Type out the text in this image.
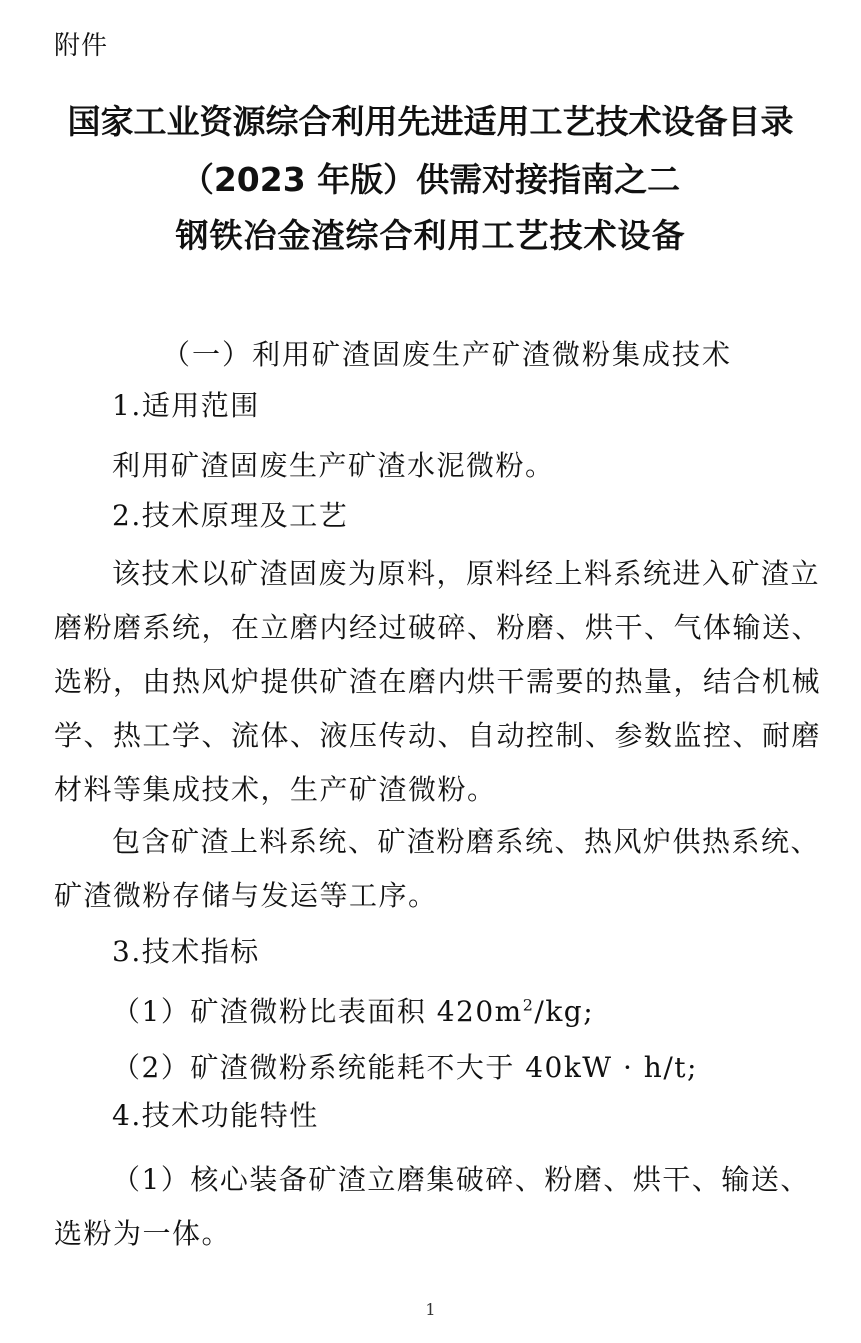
附件
国家工业资源综合利用先进适用工艺技术设备目录
（2023 年版）供需对接指南之二
钢铁冶金渣综合利用工艺技术设备
（一）利用矿渣固废生产矿渣微粉集成技术
1.适用范围
利用矿渣固废生产矿渣水泥微粉。
2.技术原理及工艺
该技术以矿渣固废为原料，原料经上料系统进入矿渣立
磨粉磨系统，在立磨内经过破碎、粉磨、烘干、气体输送、
选粉，由热风炉提供矿渣在磨内烘干需要的热量，结合机械
学、热工学、流体、液压传动、自动控制、参数监控、耐磨
材料等集成技术，生产矿渣微粉。
包含矿渣上料系统、矿渣粉磨系统、热风炉供热系统、
矿渣微粉存储与发运等工序。
3.技术指标
（1）矿渣微粉比表面积 $420m^2/kg$;
（2）矿渣微粉系统能耗不大于 40kW · h/t;
4.技术功能特性
（1）核心装备矿渣立磨集破碎、粉磨、烘干、输送、
选粉为一体。
1
